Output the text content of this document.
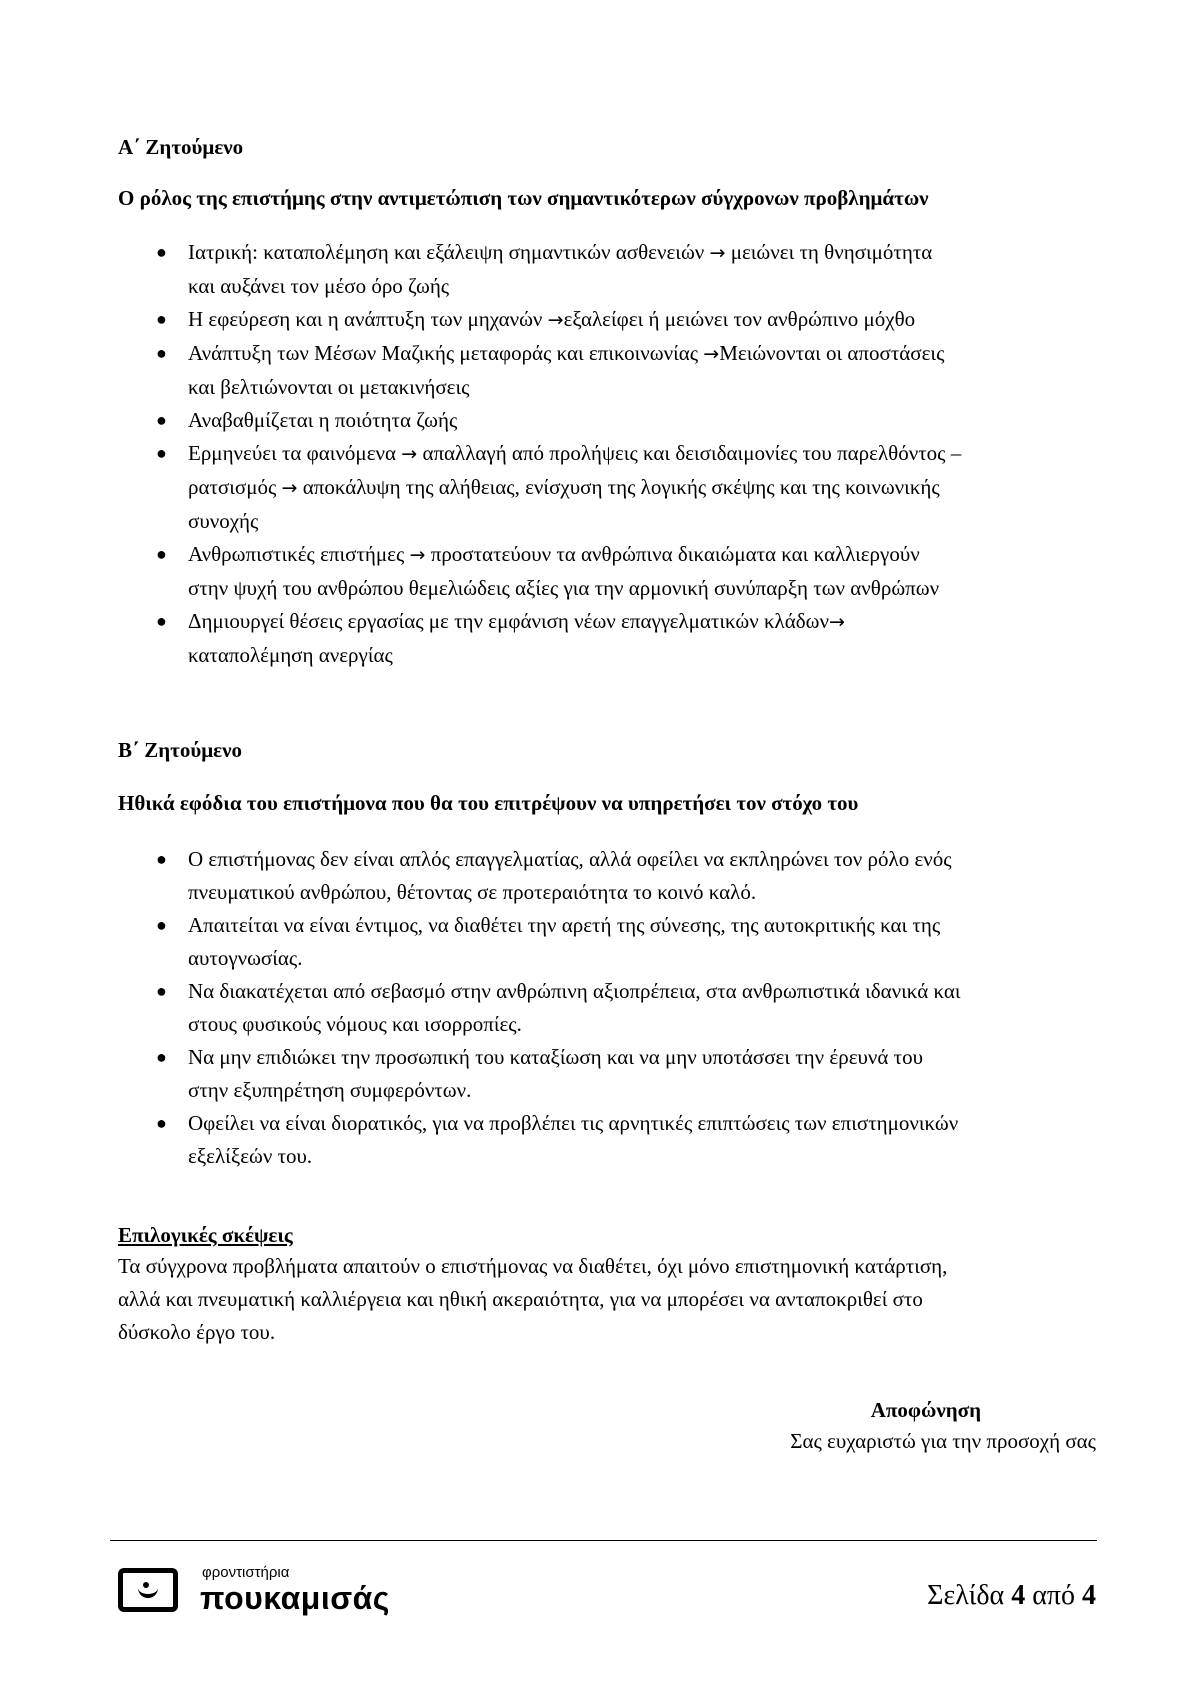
Α΄ Ζητούμενο

Ο ρόλος της επιστήμης στην αντιμετώπιση των σημαντικότερων σύγχρονων προβλημάτων

● Ιατρική: καταπολέμηση και εξάλειψη σημαντικών ασθενειών → μειώνει τη θνησιμότητα
και αυξάνει τον μέσο όρο ζωής
● Η εφεύρεση και η ανάπτυξη των μηχανών →εξαλείφει ή μειώνει τον ανθρώπινο μόχθο
● Ανάπτυξη των Μέσων Μαζικής μεταφοράς και επικοινωνίας →Μειώνονται οι αποστάσεις
και βελτιώνονται οι μετακινήσεις
● Αναβαθμίζεται η ποιότητα ζωής
● Ερμηνεύει τα φαινόμενα → απαλλαγή από προλήψεις και δεισιδαιμονίες του παρελθόντος –
ρατσισμός → αποκάλυψη της αλήθειας, ενίσχυση της λογικής σκέψης και της κοινωνικής
συνοχής
● Ανθρωπιστικές επιστήμες → προστατεύουν τα ανθρώπινα δικαιώματα και καλλιεργούν
στην ψυχή του ανθρώπου θεμελιώδεις αξίες για την αρμονική συνύπαρξη των ανθρώπων
● Δημιουργεί θέσεις εργασίας με την εμφάνιση νέων επαγγελματικών κλάδων→
καταπολέμηση ανεργίας

Β΄ Ζητούμενο

Ηθικά εφόδια του επιστήμονα που θα του επιτρέψουν να υπηρετήσει τον στόχο του

● Ο επιστήμονας δεν είναι απλός επαγγελματίας, αλλά οφείλει να εκπληρώνει τον ρόλο ενός
πνευματικού ανθρώπου, θέτοντας σε προτεραιότητα το κοινό καλό.
● Απαιτείται να είναι έντιμος, να διαθέτει την αρετή της σύνεσης, της αυτοκριτικής και της
αυτογνωσίας.
● Να διακατέχεται από σεβασμό στην ανθρώπινη αξιοπρέπεια, στα ανθρωπιστικά ιδανικά και
στους φυσικούς νόμους και ισορροπίες.
● Να μην επιδιώκει την προσωπική του καταξίωση και να μην υποτάσσει την έρευνά του
στην εξυπηρέτηση συμφερόντων.
● Οφείλει να είναι διορατικός, για να προβλέπει τις αρνητικές επιπτώσεις των επιστημονικών
εξελίξεών του.
Επιλογικές σκέψεις

Τα σύγχρονα προβλήματα απαιτούν ο επιστήμονας να διαθέτει, όχι μόνο επιστημονική κατάρτιση,
αλλά και πνευματική καλλιέργεια και ηθική ακεραιότητα, για να μπορέσει να ανταποκριθεί στο
δύσκολο έργο του.

Αποφώνηση
Σας ευχαριστώ για την προσοχή σας
φροντιστήρια
πουκαμισάς	Σελίδα 4 από 4
